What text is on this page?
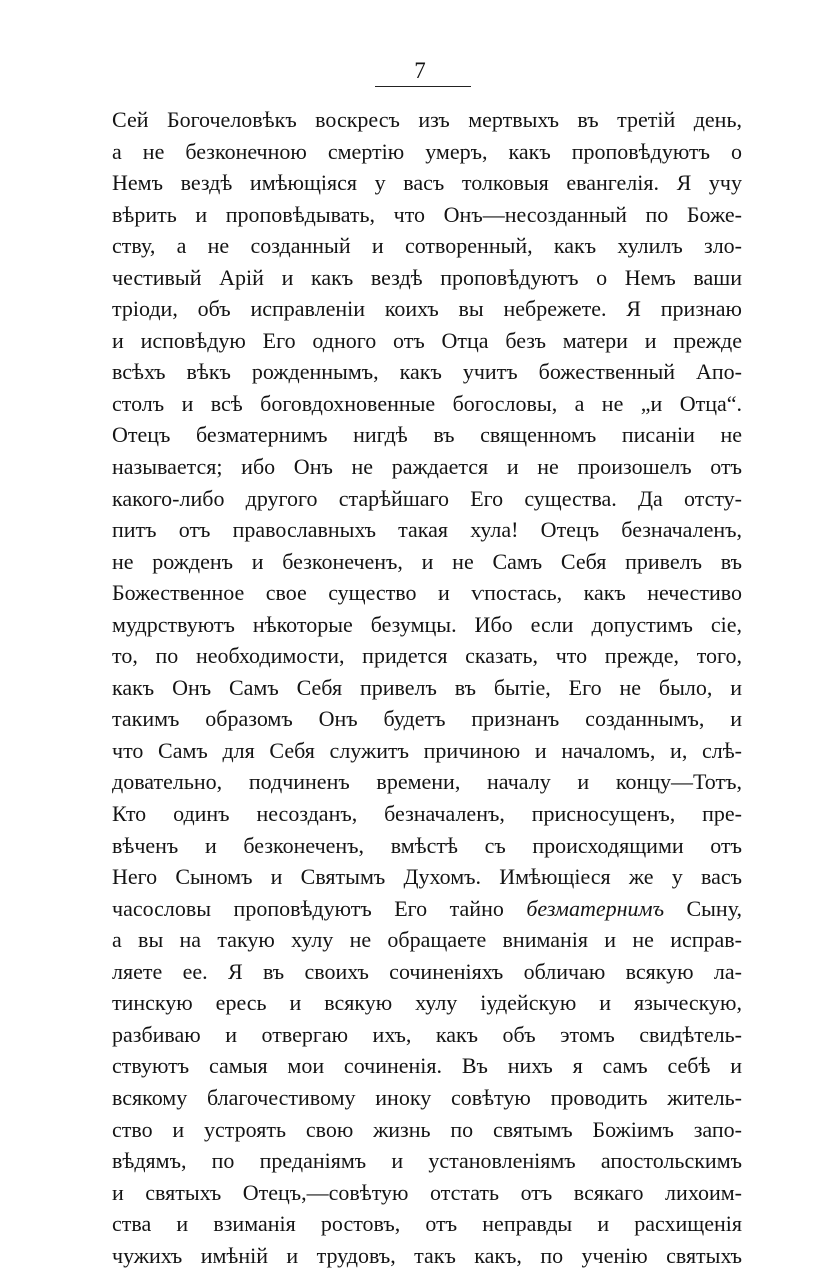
7
Сей Богочеловѣкъ воскресъ изъ мертвыхъ въ третій день,
а не безконечною смертію умеръ, какъ проповѣдуютъ о
Немъ вездѣ имѣющіяся у васъ толковыя евангелія. Я учу
вѣрить и проповѣдывать, что Онъ—несозданный по Боже-
ству, а не созданный и сотворенный, какъ хулилъ зло-
честивый Арій и какъ вездѣ проповѣдуютъ о Немъ ваши
тріоди, объ исправленіи коихъ вы небрежете. Я признаю
и исповѣдую Его одного отъ Отца безъ матери и прежде
всѣхъ вѣкъ рожденнымъ, какъ учитъ божественный Апо-
столъ и всѣ боговдохновенные богословы, а не „и Отца“.
Отецъ безматернимъ нигдѣ въ священномъ писаніи не
называется; ибо Онъ не раждается и не произошелъ отъ
какого-либо другого старѣйшаго Его существа. Да отсту-
питъ отъ православныхъ такая хула! Отецъ безначаленъ,
не рожденъ и безконеченъ, и не Самъ Себя привелъ въ
Божественное свое существо и ѵпостась, какъ нечестиво
мудрствуютъ нѣкоторые безумцы. Ибо если допустимъ сіе,
то, по необходимости, придется сказать, что прежде, того,
какъ Онъ Самъ Себя привелъ въ бытіе, Его не было, и
такимъ образомъ Онъ будетъ признанъ созданнымъ, и
что Самъ для Себя служитъ причиною и началомъ, и, слѣ-
довательно, подчиненъ времени, началу и концу—Тотъ,
Кто одинъ несозданъ, безначаленъ, присносущенъ, пре-
вѣченъ и безконеченъ, вмѣстѣ съ происходящими отъ
Него Сыномъ и Святымъ Духомъ. Имѣющіеся же у васъ
часословы проповѣдуютъ Его тайно безматернимъ Сыну,
а вы на такую хулу не обращаете вниманія и не исправ-
ляете ее. Я въ своихъ сочиненіяхъ обличаю всякую ла-
тинскую ересь и всякую хулу іудейскую и языческую,
разбиваю и отвергаю ихъ, какъ объ этомъ свидѣтель-
ствуютъ самыя мои сочиненія. Въ нихъ я самъ себѣ и
всякому благочестивому иноку совѣтую проводить житель-
ство и устроять свою жизнь по святымъ Божіимъ запо-
вѣдямъ, по преданіямъ и установленіямъ апостольскимъ
и святыхъ Отецъ,—совѣтую отстать отъ всякаго лихоим-
ства и взиманія ростовъ, отъ неправды и расхищенія
чужихъ имѣній и трудовъ, такъ какъ, по ученію святыхъ
